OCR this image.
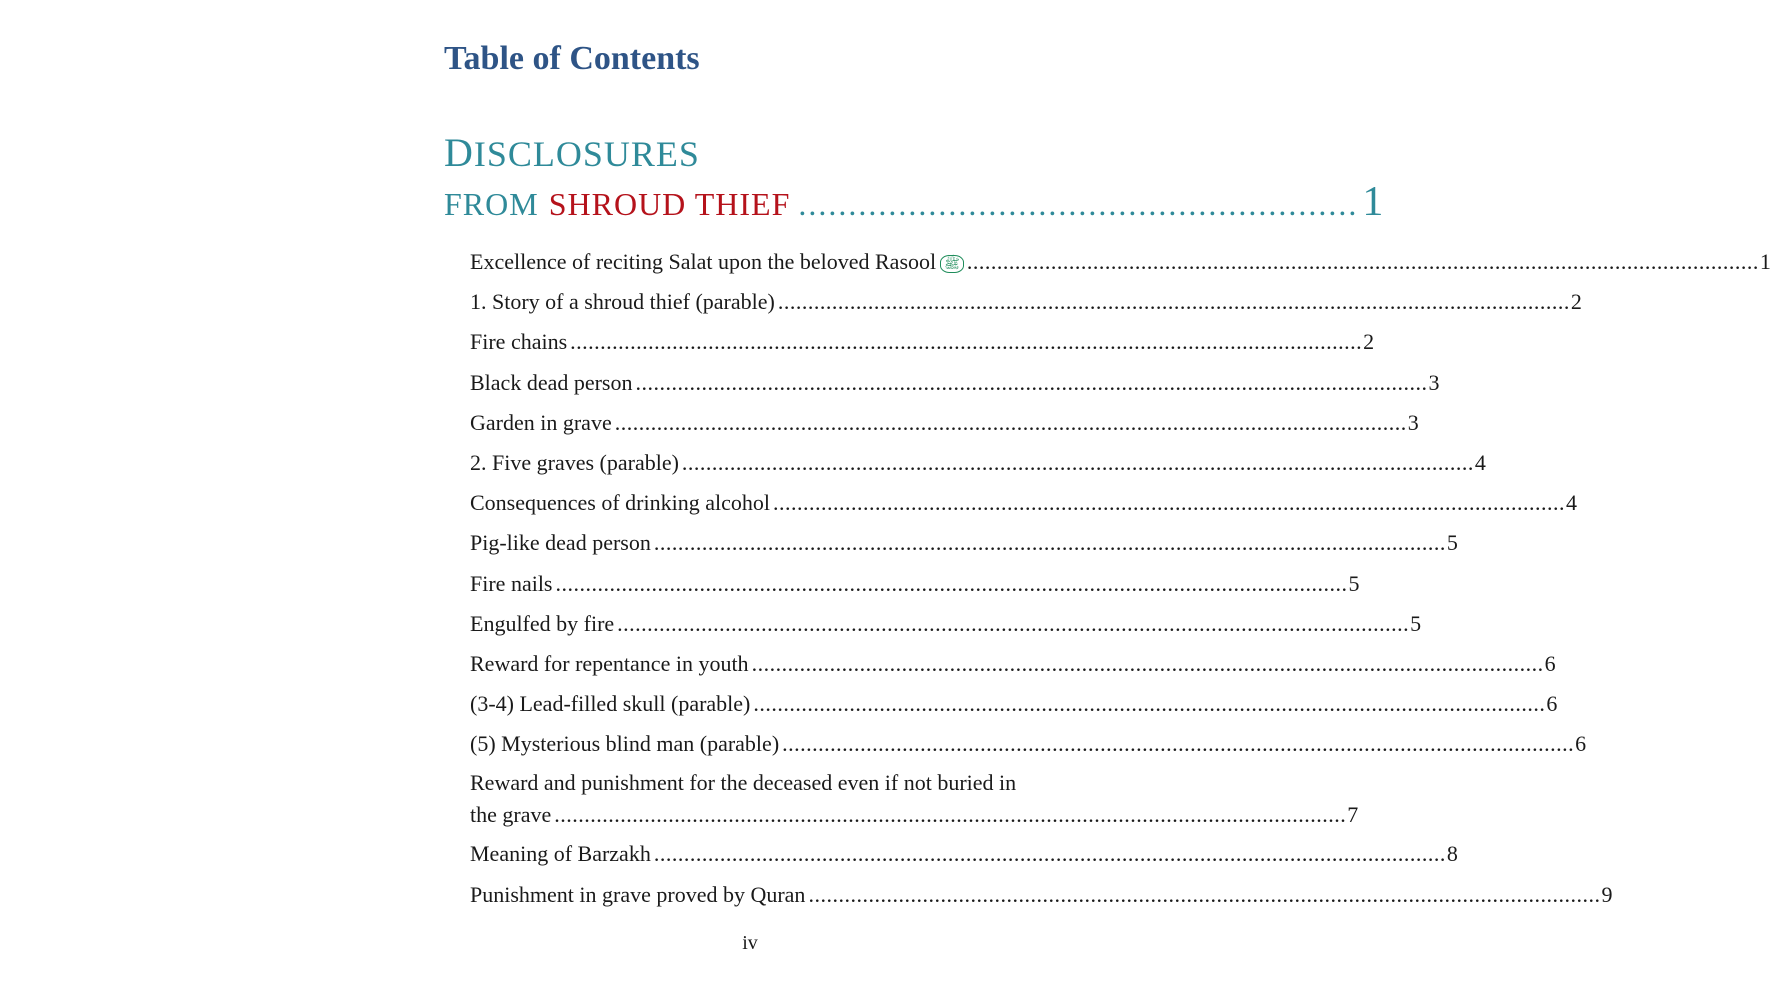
Table of Contents
DISCLOSURES
FROM SHROUD THIEF ........................................................ 1
Excellence of reciting Salat upon the beloved Rasool ﷺ .................................................................................................................................... 1
1. Story of a shroud thief (parable) .................................................................................................................................... 2
Fire chains .................................................................................................................................... 2
Black dead person .................................................................................................................................... 3
Garden in grave .................................................................................................................................... 3
2. Five graves (parable) .................................................................................................................................... 4
Consequences of drinking alcohol .................................................................................................................................... 4
Pig-like dead person .................................................................................................................................... 5
Fire nails .................................................................................................................................... 5
Engulfed by fire .................................................................................................................................... 5
Reward for repentance in youth .................................................................................................................................... 6
(3-4) Lead-filled skull (parable) .................................................................................................................................... 6
(5) Mysterious blind man (parable) .................................................................................................................................... 6
Reward and punishment for the deceased even if not buried in
the grave .................................................................................................................................... 7
Meaning of Barzakh .................................................................................................................................... 8
Punishment in grave proved by Quran .................................................................................................................................... 9
iv
